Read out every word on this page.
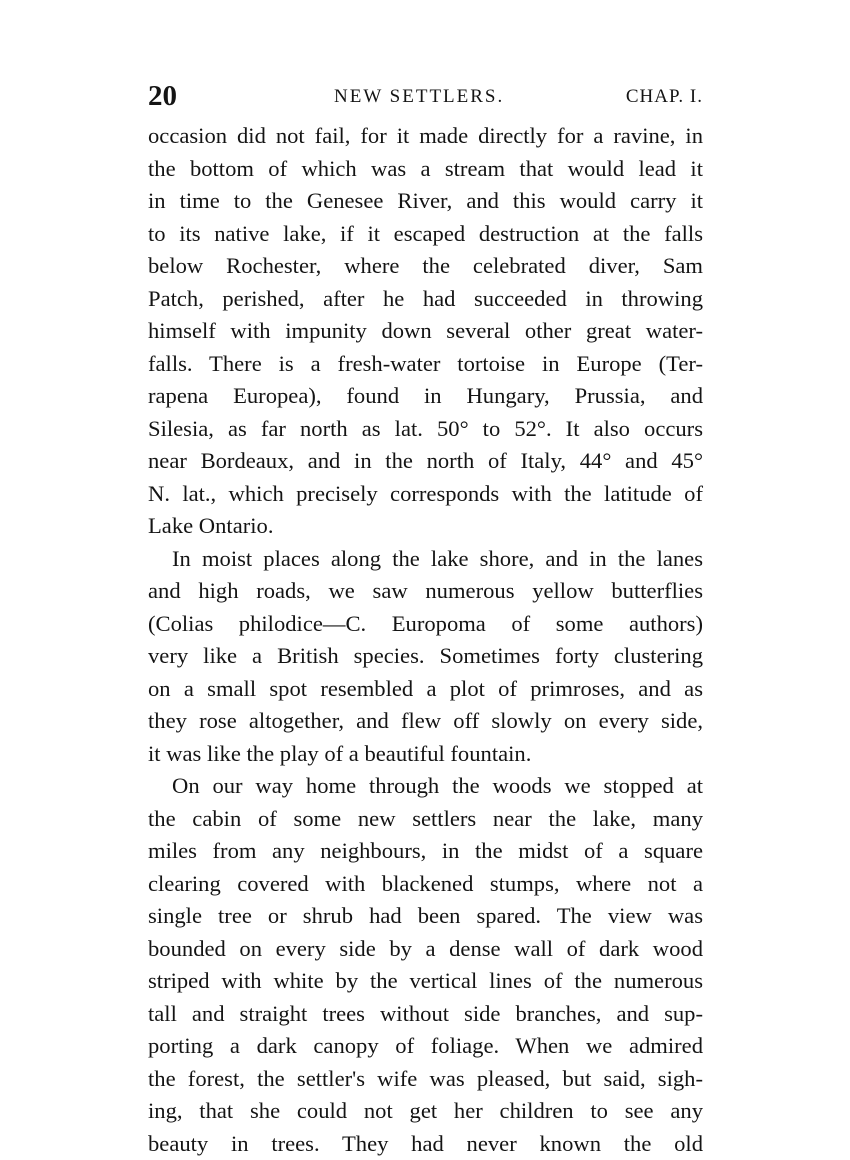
20	NEW SETTLERS.	CHAP. I.
occasion did not fail, for it made directly for a ravine, in
the bottom of which was a stream that would lead it
in time to the Genesee River, and this would carry it
to its native lake, if it escaped destruction at the falls
below Rochester, where the celebrated diver, Sam
Patch, perished, after he had succeeded in throwing
himself with impunity down several other great water-
falls. There is a fresh-water tortoise in Europe (Ter-
rapena Europea), found in Hungary, Prussia, and
Silesia, as far north as lat. 50° to 52°. It also occurs
near Bordeaux, and in the north of Italy, 44° and 45°
N. lat., which precisely corresponds with the latitude of
Lake Ontario.
In moist places along the lake shore, and in the lanes
and high roads, we saw numerous yellow butterflies
(Colias philodice—C. Europoma of some authors)
very like a British species. Sometimes forty clustering
on a small spot resembled a plot of primroses, and as
they rose altogether, and flew off slowly on every side,
it was like the play of a beautiful fountain.
On our way home through the woods we stopped at
the cabin of some new settlers near the lake, many
miles from any neighbours, in the midst of a square
clearing covered with blackened stumps, where not a
single tree or shrub had been spared. The view was
bounded on every side by a dense wall of dark wood
striped with white by the vertical lines of the numerous
tall and straight trees without side branches, and sup-
porting a dark canopy of foliage. When we admired
the forest, the settler's wife was pleased, but said, sigh-
ing, that she could not get her children to see any
beauty in trees. They had never known the old
